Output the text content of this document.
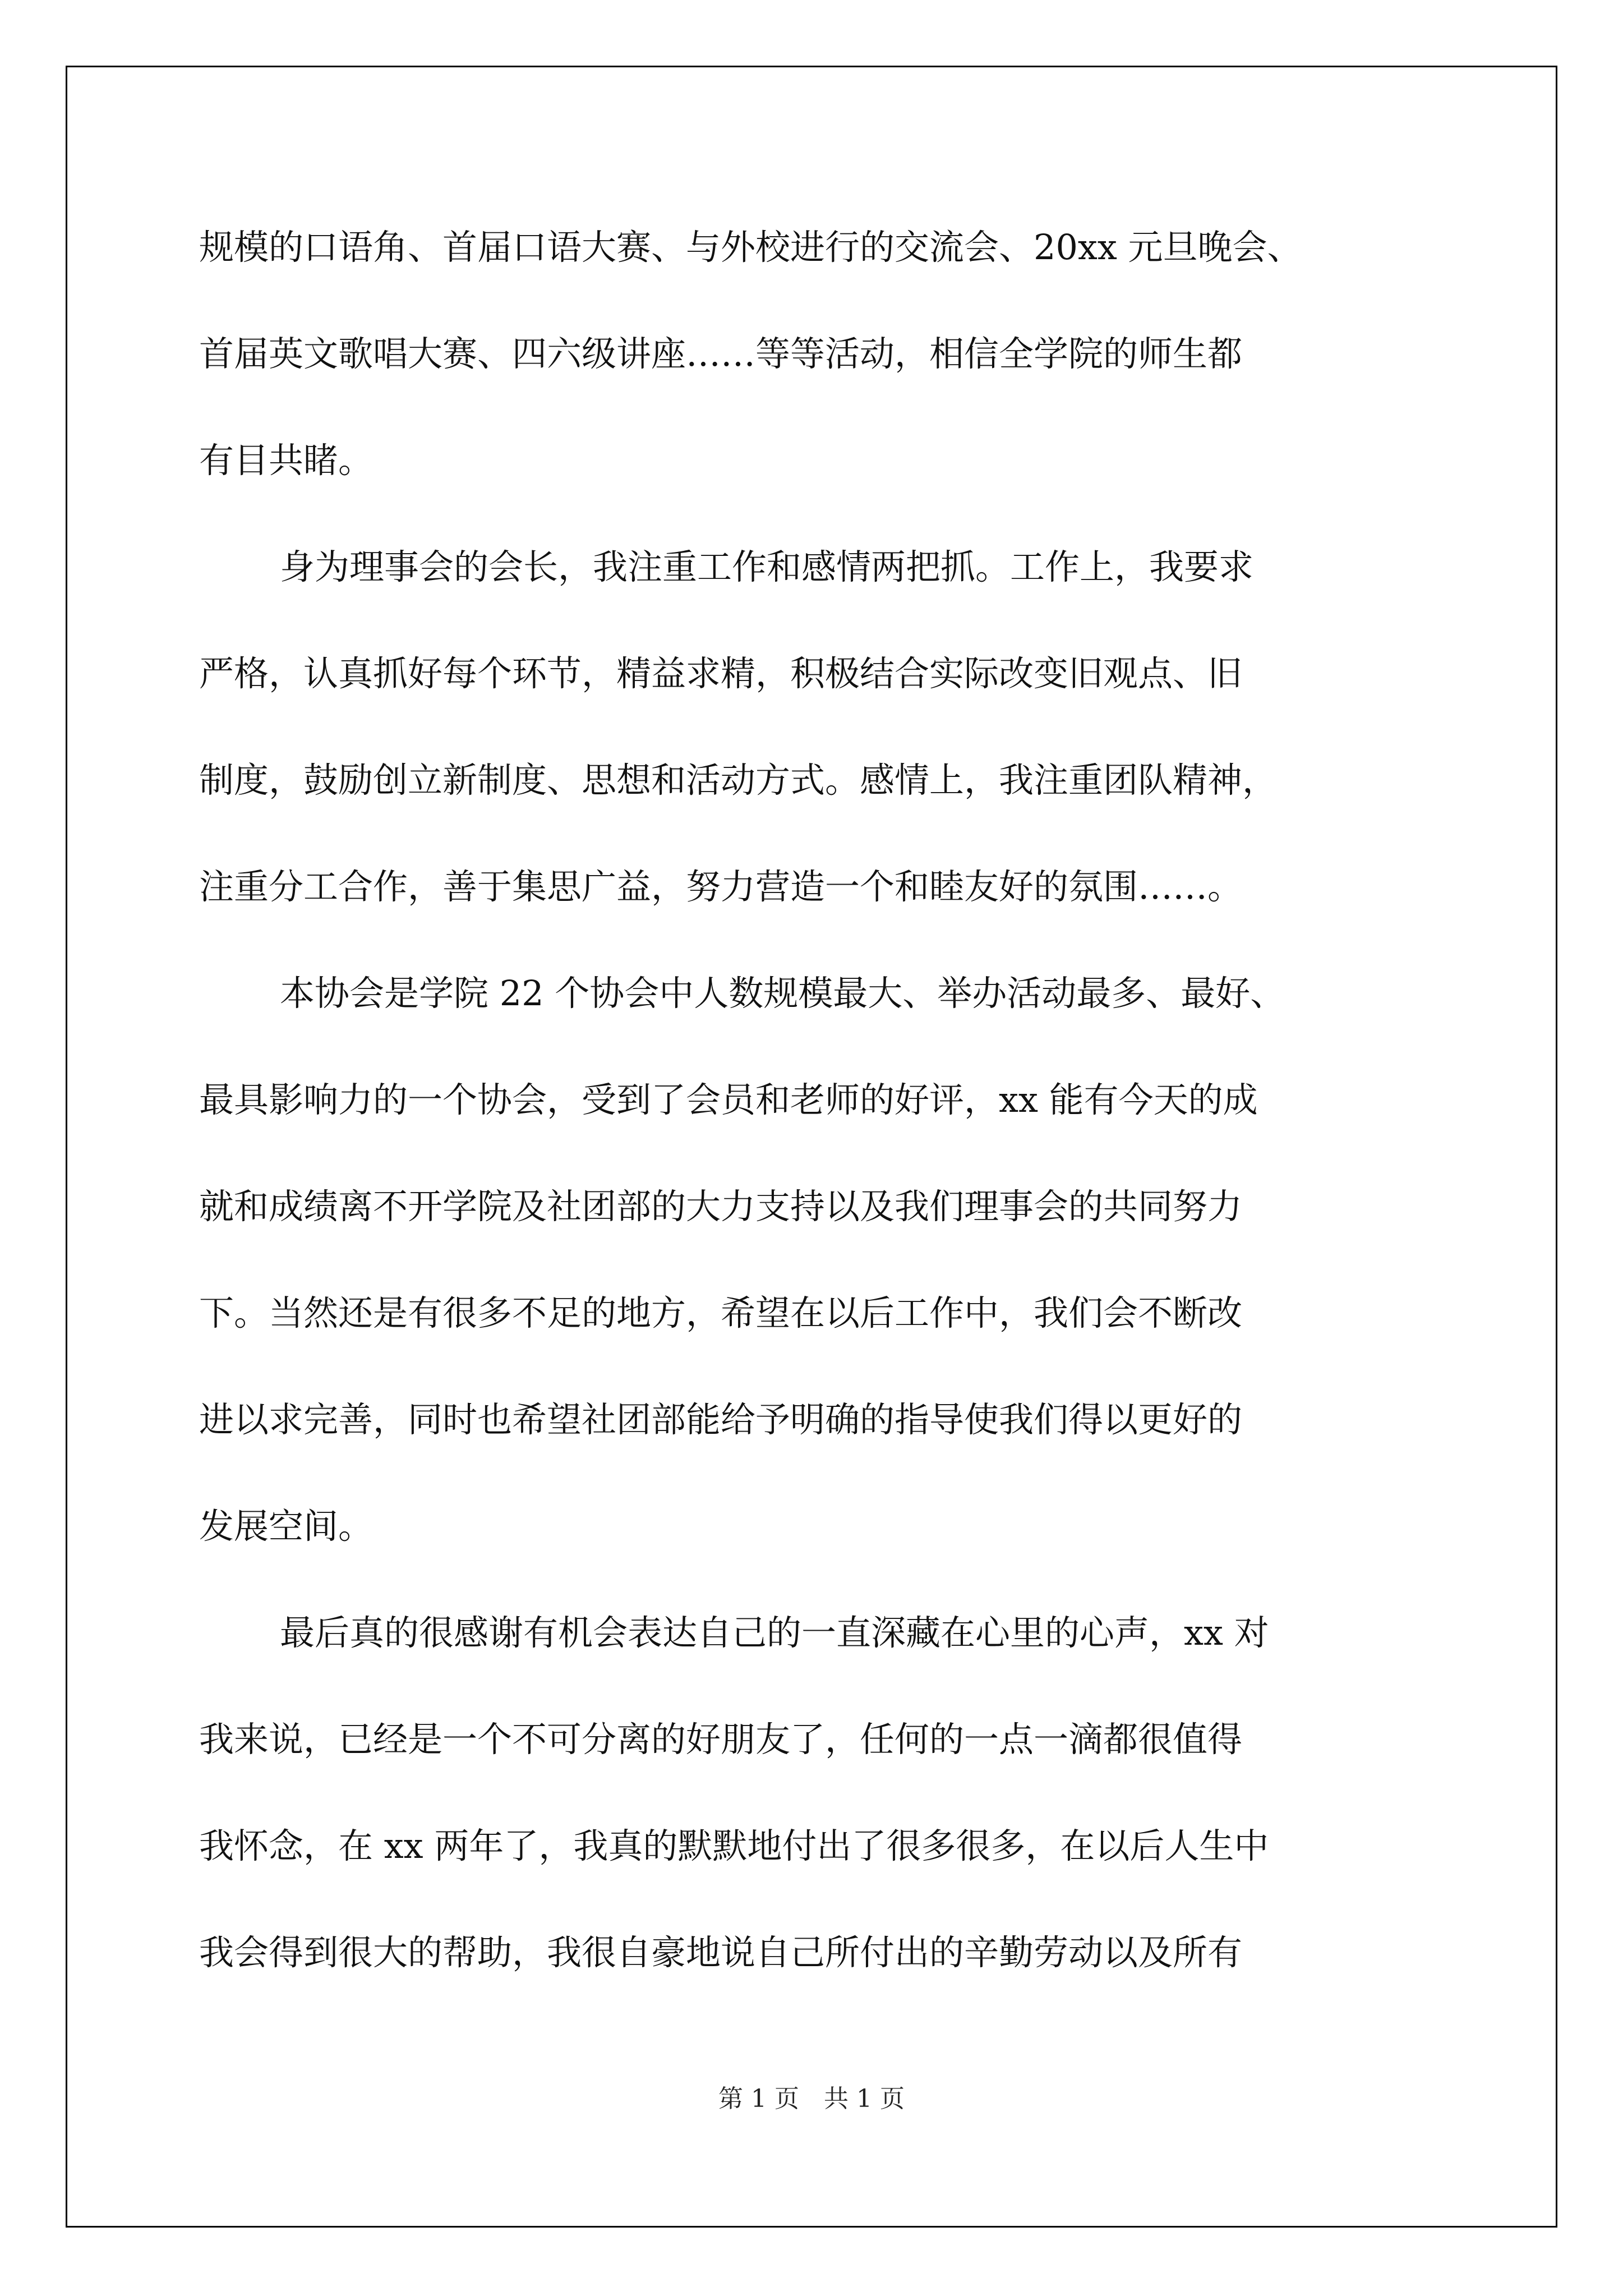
规模的口语角、首届口语大赛、与外校进行的交流会、20xx 元旦晚会、
首届英文歌唱大赛、四六级讲座……等等活动，相信全学院的师生都
有目共睹。
身为理事会的会长，我注重工作和感情两把抓。工作上，我要求
严格，认真抓好每个环节，精益求精，积极结合实际改变旧观点、旧
制度，鼓励创立新制度、思想和活动方式。感情上，我注重团队精神，
注重分工合作，善于集思广益，努力营造一个和睦友好的氛围……。
本协会是学院 22 个协会中人数规模最大、举办活动最多、最好、
最具影响力的一个协会，受到了会员和老师的好评，xx 能有今天的成
就和成绩离不开学院及社团部的大力支持以及我们理事会的共同努力
下。当然还是有很多不足的地方，希望在以后工作中，我们会不断改
进以求完善，同时也希望社团部能给予明确的指导使我们得以更好的
发展空间。
最后真的很感谢有机会表达自己的一直深藏在心里的心声，xx 对
我来说，已经是一个不可分离的好朋友了，任何的一点一滴都很值得
我怀念，在 xx 两年了，我真的默默地付出了很多很多，在以后人生中
我会得到很大的帮助，我很自豪地说自己所付出的辛勤劳动以及所有
第 1 页　共 1 页
